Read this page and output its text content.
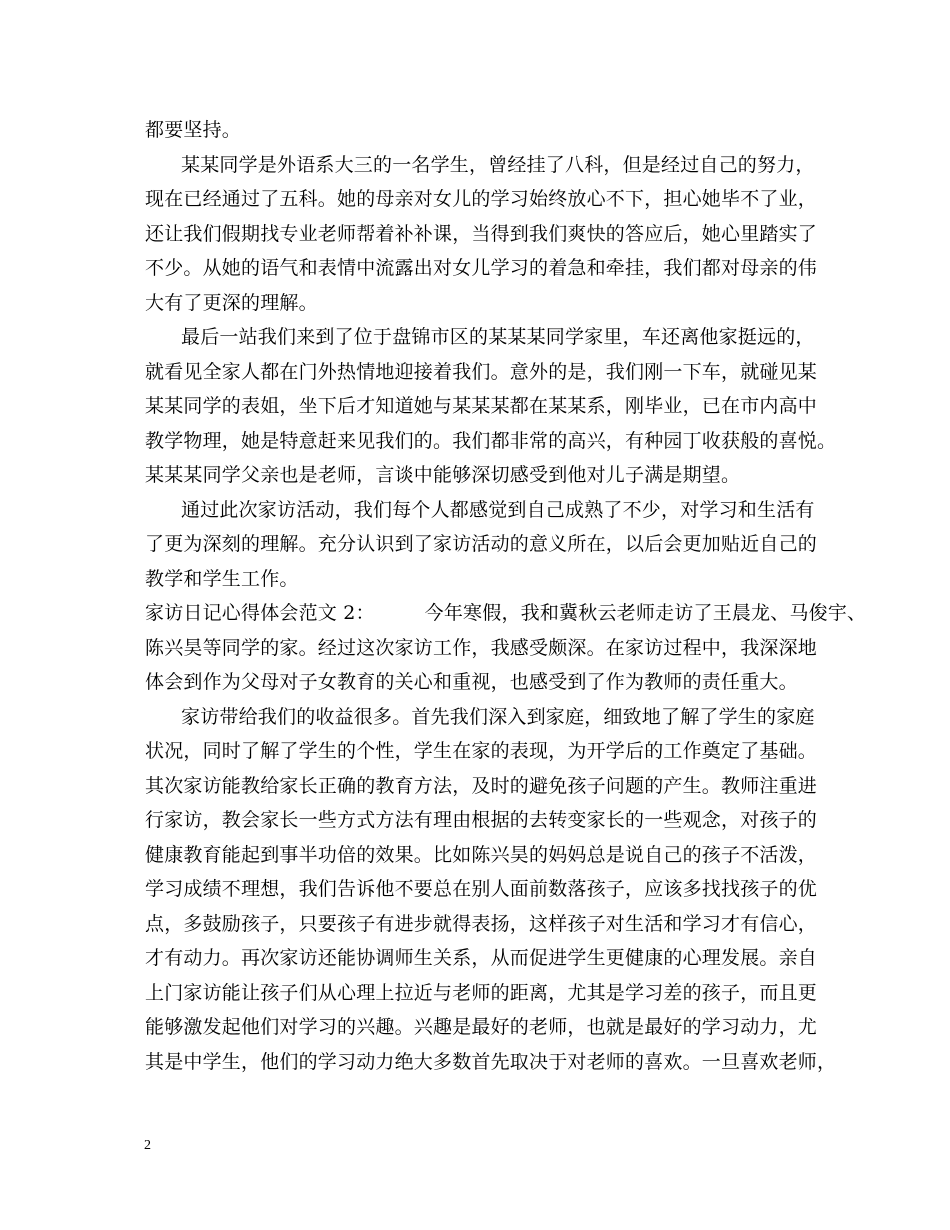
都要坚持。
某某同学是外语系大三的一名学生，曾经挂了八科，但是经过自己的努力，
现在已经通过了五科。她的母亲对女儿的学习始终放心不下，担心她毕不了业，
还让我们假期找专业老师帮着补补课，当得到我们爽快的答应后，她心里踏实了
不少。从她的语气和表情中流露出对女儿学习的着急和牵挂，我们都对母亲的伟
大有了更深的理解。
最后一站我们来到了位于盘锦市区的某某某同学家里，车还离他家挺远的，
就看见全家人都在门外热情地迎接着我们。意外的是，我们刚一下车，就碰见某
某某同学的表姐，坐下后才知道她与某某某都在某某系，刚毕业，已在市内高中
教学物理，她是特意赶来见我们的。我们都非常的高兴，有种园丁收获般的喜悦。
某某某同学父亲也是老师，言谈中能够深切感受到他对儿子满是期望。
通过此次家访活动，我们每个人都感觉到自己成熟了不少，对学习和生活有
了更为深刻的理解。充分认识到了家访活动的意义所在，以后会更加贴近自己的
教学和学生工作。
家访日记心得体会范文 2：        今年寒假，我和冀秋云老师走访了王晨龙、马俊宇、
陈兴昊等同学的家。经过这次家访工作，我感受颇深。在家访过程中，我深深地
体会到作为父母对子女教育的关心和重视，也感受到了作为教师的责任重大。
家访带给我们的收益很多。首先我们深入到家庭，细致地了解了学生的家庭
状况，同时了解了学生的个性，学生在家的表现，为开学后的工作奠定了基础。
其次家访能教给家长正确的教育方法，及时的避免孩子问题的产生。教师注重进
行家访，教会家长一些方式方法有理由根据的去转变家长的一些观念，对孩子的
健康教育能起到事半功倍的效果。比如陈兴昊的妈妈总是说自己的孩子不活泼，
学习成绩不理想，我们告诉他不要总在别人面前数落孩子，应该多找找孩子的优
点，多鼓励孩子，只要孩子有进步就得表扬，这样孩子对生活和学习才有信心，
才有动力。再次家访还能协调师生关系，从而促进学生更健康的心理发展。亲自
上门家访能让孩子们从心理上拉近与老师的距离，尤其是学习差的孩子，而且更
能够激发起他们对学习的兴趣。兴趣是最好的老师，也就是最好的学习动力，尤
其是中学生，他们的学习动力绝大多数首先取决于对老师的喜欢。一旦喜欢老师，
2
